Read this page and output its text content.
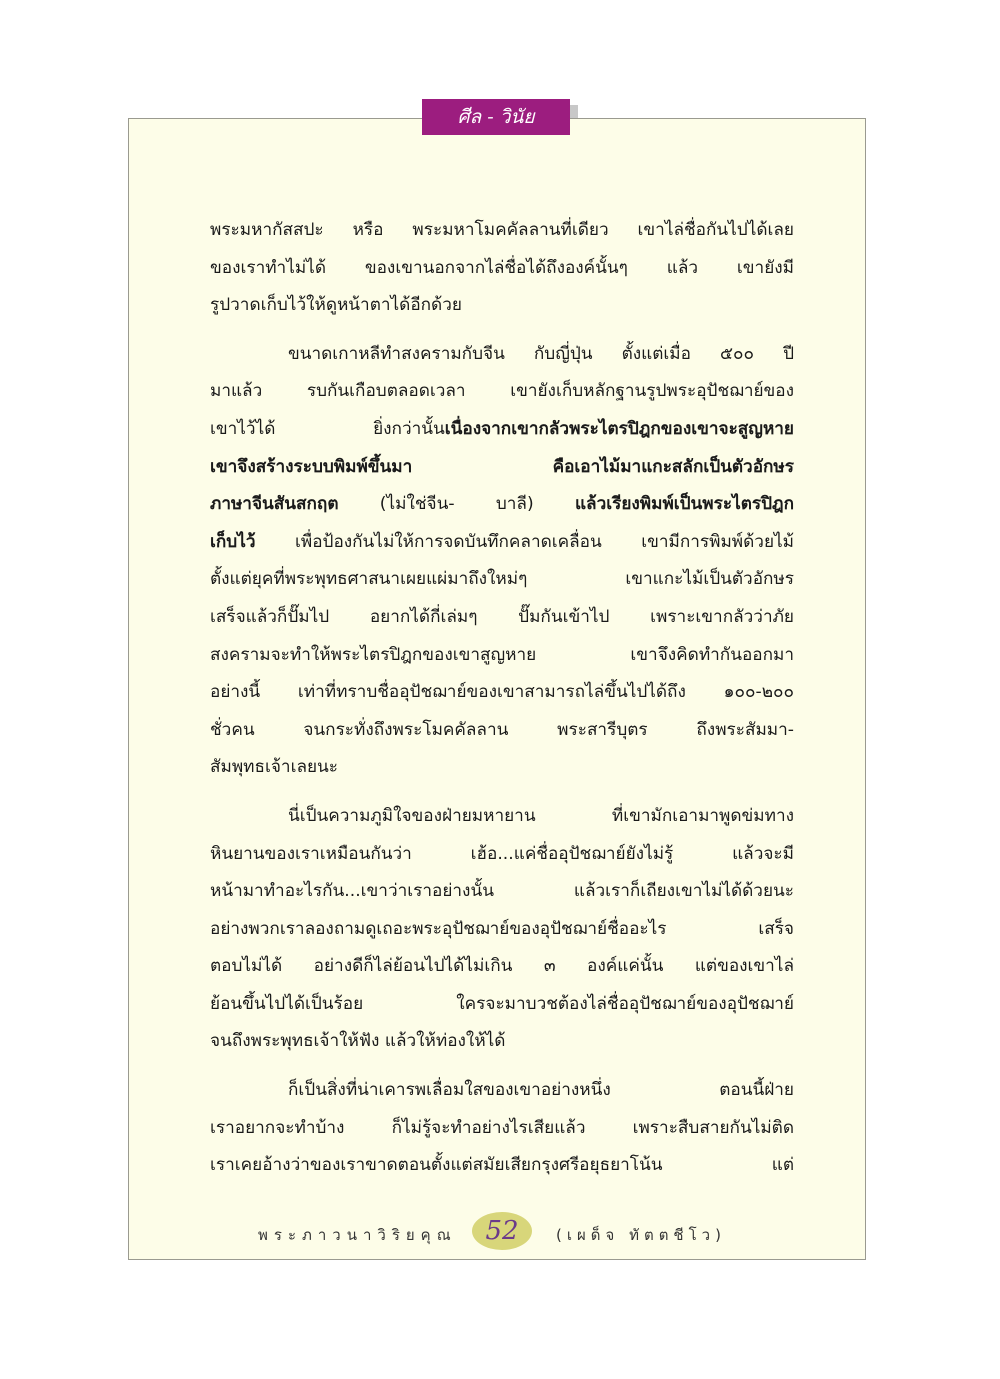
ศีล - วินัย
พระมหากัสสปะ หรือ พระมหาโมคคัลลานที่เดียว เขาไล่ชื่อกันไปได้เลย
ของเราทำไม่ได้ ของเขานอกจากไล่ชื่อได้ถึงองค์นั้นๆ แล้ว เขายังมี
รูปวาดเก็บไว้ให้ดูหน้าตาได้อีกด้วย
ขนาดเกาหลีทำสงครามกับจีน กับญี่ปุ่น ตั้งแต่เมื่อ ๕๐๐ ปี
มาแล้ว รบกันเกือบตลอดเวลา เขายังเก็บหลักฐานรูปพระอุปัชฌาย์ของ
เขาไว้ได้ ยิ่งกว่านั้นเนื่องจากเขากลัวพระไตรปิฎกของเขาจะสูญหาย
เขาจึงสร้างระบบพิมพ์ขึ้นมา คือเอาไม้มาแกะสลักเป็นตัวอักษร
ภาษาจีนสันสกฤต (ไม่ใช่จีน- บาลี) แล้วเรียงพิมพ์เป็นพระไตรปิฎก
เก็บไว้ เพื่อป้องกันไม่ให้การจดบันทึกคลาดเคลื่อน เขามีการพิมพ์ด้วยไม้
ตั้งแต่ยุคที่พระพุทธศาสนาเผยแผ่มาถึงใหม่ๆ เขาแกะไม้เป็นตัวอักษร
เสร็จแล้วก็ปั๊มไป อยากได้กี่เล่มๆ ปั๊มกันเข้าไป เพราะเขากลัวว่าภัย
สงครามจะทำให้พระไตรปิฎกของเขาสูญหาย เขาจึงคิดทำกันออกมา
อย่างนี้ เท่าที่ทราบชื่ออุปัชฌาย์ของเขาสามารถไล่ขึ้นไปได้ถึง ๑๐๐-๒๐๐
ชั่วคน จนกระทั่งถึงพระโมคคัลลาน พระสารีบุตร ถึงพระสัมมา-
สัมพุทธเจ้าเลยนะ
นี่เป็นความภูมิใจของฝ่ายมหายาน ที่เขามักเอามาพูดข่มทาง
หินยานของเราเหมือนกันว่า เฮ้อ...แค่ชื่ออุปัชฌาย์ยังไม่รู้ แล้วจะมี
หน้ามาทำอะไรกัน...เขาว่าเราอย่างนั้น แล้วเราก็เถียงเขาไม่ได้ด้วยนะ
อย่างพวกเราลองถามดูเถอะพระอุปัชฌาย์ของอุปัชฌาย์ชื่ออะไร เสร็จ
ตอบไม่ได้ อย่างดีก็ไล่ย้อนไปได้ไม่เกิน ๓ องค์แค่นั้น แต่ของเขาไล่
ย้อนขึ้นไปได้เป็นร้อย ใครจะมาบวชต้องไล่ชื่ออุปัชฌาย์ของอุปัชฌาย์
จนถึงพระพุทธเจ้าให้ฟัง แล้วให้ท่องให้ได้
ก็เป็นสิ่งที่น่าเคารพเลื่อมใสของเขาอย่างหนึ่ง ตอนนี้ฝ่าย
เราอยากจะทำบ้าง ก็ไม่รู้จะทำอย่างไรเสียแล้ว เพราะสืบสายกันไม่ติด
เราเคยอ้างว่าของเราขาดตอนตั้งแต่สมัยเสียกรุงศรีอยุธยาโน้น แต่
พระภาวนาวิริยคุณ 52 (เผด็จ ทัตตชีโว)
